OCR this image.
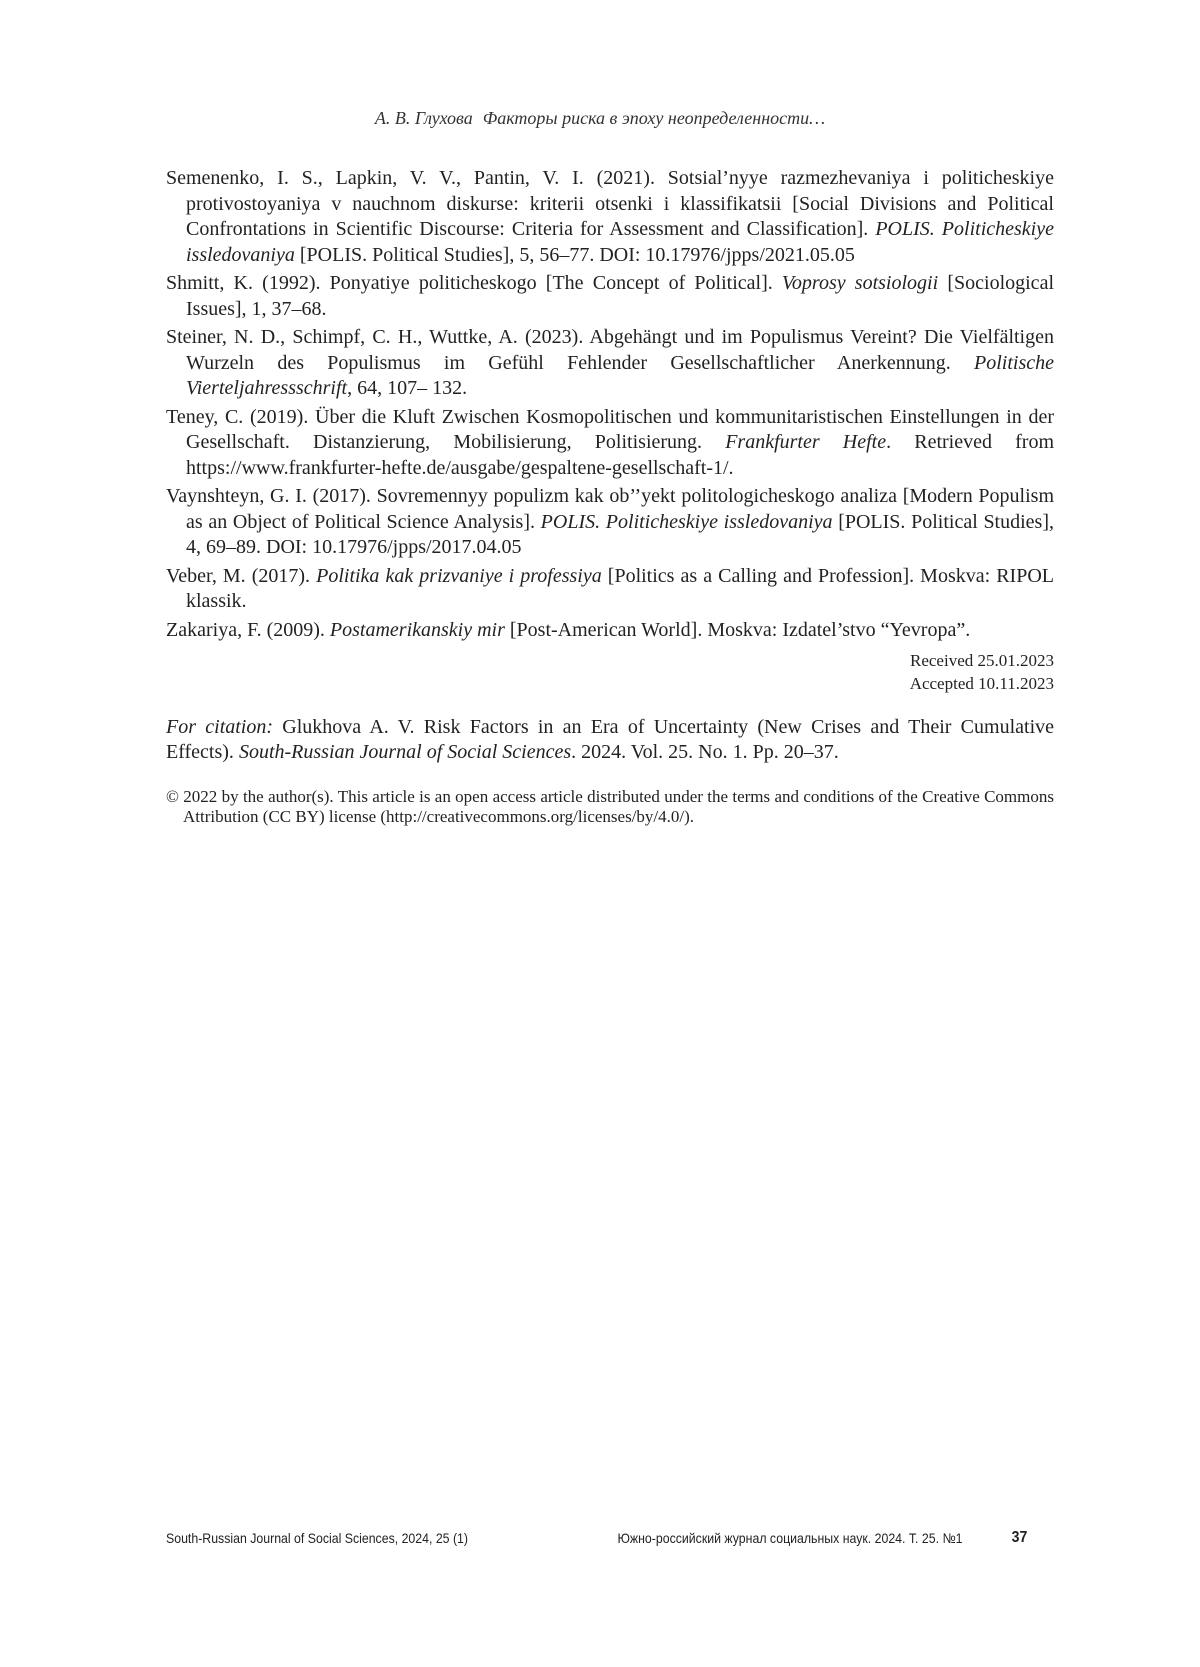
А. В. Глухова Факторы риска в эпоху неопределенности…
Semenenko, I. S., Lapkin, V. V., Pantin, V. I. (2021). Sotsial’nyye razmezhevaniya i politicheskiye protivostoyaniya v nauchnom diskurse: kriterii otsenki i klassifikatsii [Social Divisions and Political Confrontations in Scientific Discourse: Criteria for Assessment and Classification]. POLIS. Politicheskiye issledovaniya [POLIS. Political Studies], 5, 56–77. DOI: 10.17976/jpps/2021.05.05
Shmitt, K. (1992). Ponyatiye politicheskogo [The Concept of Political]. Voprosy sotsiologii [Sociological Issues], 1, 37–68.
Steiner, N. D., Schimpf, C. H., Wuttke, A. (2023). Abgehängt und im Populismus Vereint? Die Vielfältigen Wurzeln des Populismus im Gefühl Fehlender Gesellschaftlicher Anerkennung. Politische Vierteljahressschrift, 64, 107– 132.
Teney, C. (2019). Über die Kluft Zwischen Kosmopolitischen und kommunitaristischen Einstellungen in der Gesellschaft. Distanzierung, Mobilisierung, Politisierung. Frankfurter Hefte. Retrieved from https://www.frankfurter-hefte.de/ausgabe/gespaltene-gesellschaft-1/.
Vaynshteyn, G. I. (2017). Sovremennyy populizm kak ob’’yekt politologicheskogo analiza [Modern Populism as an Object of Political Science Analysis]. POLIS. Politicheskiye issledovaniya [POLIS. Political Studies], 4, 69–89. DOI: 10.17976/jpps/2017.04.05
Veber, M. (2017). Politika kak prizvaniye i professiya [Politics as a Calling and Profession]. Moskva: RIPOL klassik.
Zakariya, F. (2009). Postamerikanskiy mir [Post-American World]. Moskva: Izdatel’stvo “Yevropa”.
Received 25.01.2023
Accepted 10.11.2023
For citation: Glukhova A. V. Risk Factors in an Era of Uncertainty (New Crises and Their Cumulative Effects). South-Russian Journal of Social Sciences. 2024. Vol. 25. No. 1. Pp. 20–37.
© 2022 by the author(s). This article is an open access article distributed under the terms and conditions of the Creative Commons Attribution (CC BY) license (http://creativecommons.org/licenses/by/4.0/).
South-Russian Journal of Social Sciences, 2024, 25 (1)	Южно-российский журнал социальных наук. 2024. Т. 25. №1	37
